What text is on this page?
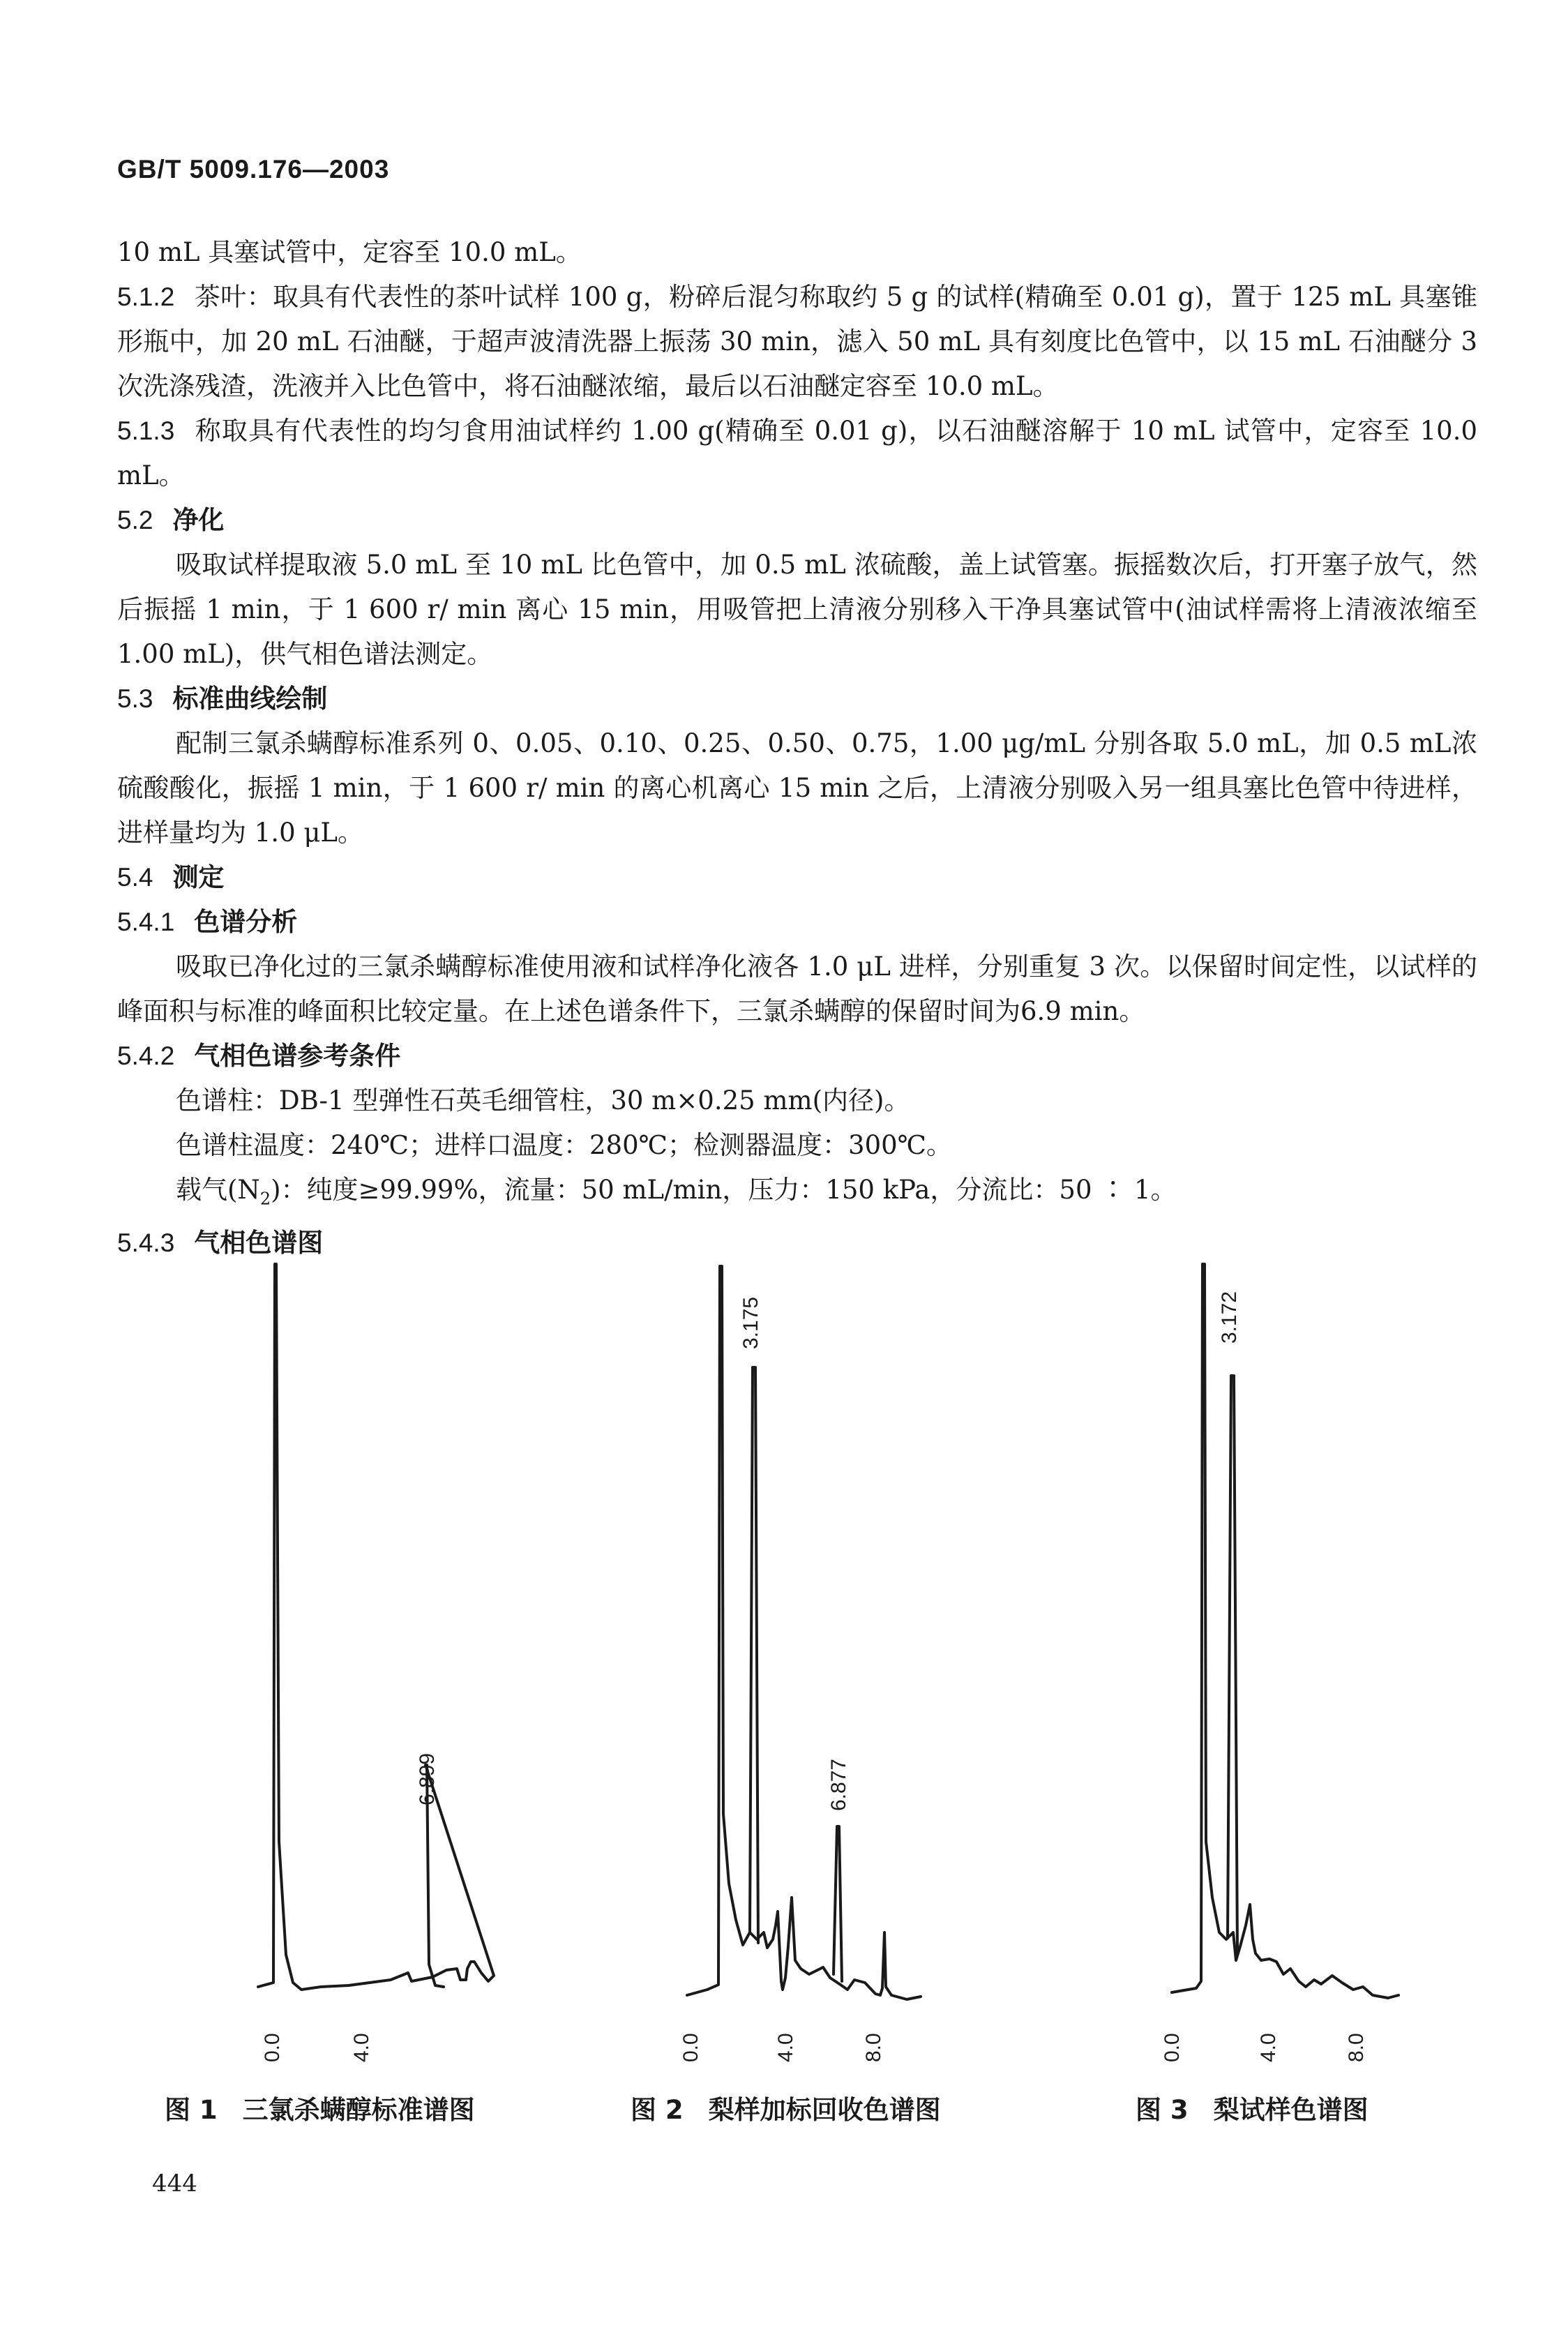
GB/T 5009.176—2003

10 mL 具塞试管中，定容至 10.0 mL。

5.1.2 茶叶：取具有代表性的茶叶试样 100 g，粉碎后混匀称取约 5 g 的试样(精确至 0.01 g)，置于 125 mL 具塞锥形瓶中，加 20 mL 石油醚，于超声波清洗器上振荡 30 min，滤入 50 mL 具有刻度比色管中，以 15 mL 石油醚分 3 次洗涤残渣，洗液并入比色管中，将石油醚浓缩，最后以石油醚定容至 10.0 mL。

5.1.3 称取具有代表性的均匀食用油试样约 1.00 g(精确至 0.01 g)，以石油醚溶解于 10 mL 试管中，定容至 10.0 mL。

5.2 净化

吸取试样提取液 5.0 mL 至 10 mL 比色管中，加 0.5 mL 浓硫酸，盖上试管塞。振摇数次后，打开塞子放气，然后振摇 1 min，于 1 600 r/ min 离心 15 min，用吸管把上清液分别移入干净具塞试管中(油试样需将上清液浓缩至 1.00 mL)，供气相色谱法测定。

5.3 标准曲线绘制

配制三氯杀螨醇标准系列 0、0.05、0.10、0.25、0.50、0.75，1.00 μg/mL 分别各取 5.0 mL，加 0.5 mL浓硫酸酸化，振摇 1 min，于 1 600 r/ min 的离心机离心 15 min 之后，上清液分别吸入另一组具塞比色管中待进样，进样量均为 1.0 μL。

5.4 测定

5.4.1 色谱分析

吸取已净化过的三氯杀螨醇标准使用液和试样净化液各 1.0 μL 进样，分别重复 3 次。以保留时间定性，以试样的峰面积与标准的峰面积比较定量。在上述色谱条件下，三氯杀螨醇的保留时间为6.9 min。

5.4.2 气相色谱参考条件

色谱柱：DB-1 型弹性石英毛细管柱，30 m×0.25 mm(内径)。

色谱柱温度：240℃；进样口温度：280℃；检测器温度：300℃。

载气$(N_2)$：纯度≥99.99%，流量：50 mL/min，压力：150 kPa，分流比：50 ∶ 1。

5.4.3 气相色谱图

6.899
3.175
6.877
3.172
0.0	4.0	0.0	4.0	8.0	0.0	4.0	8.0
图 1 三氯杀螨醇标准谱图	图 2 梨样加标回收色谱图	图 3 梨试样色谱图
444
